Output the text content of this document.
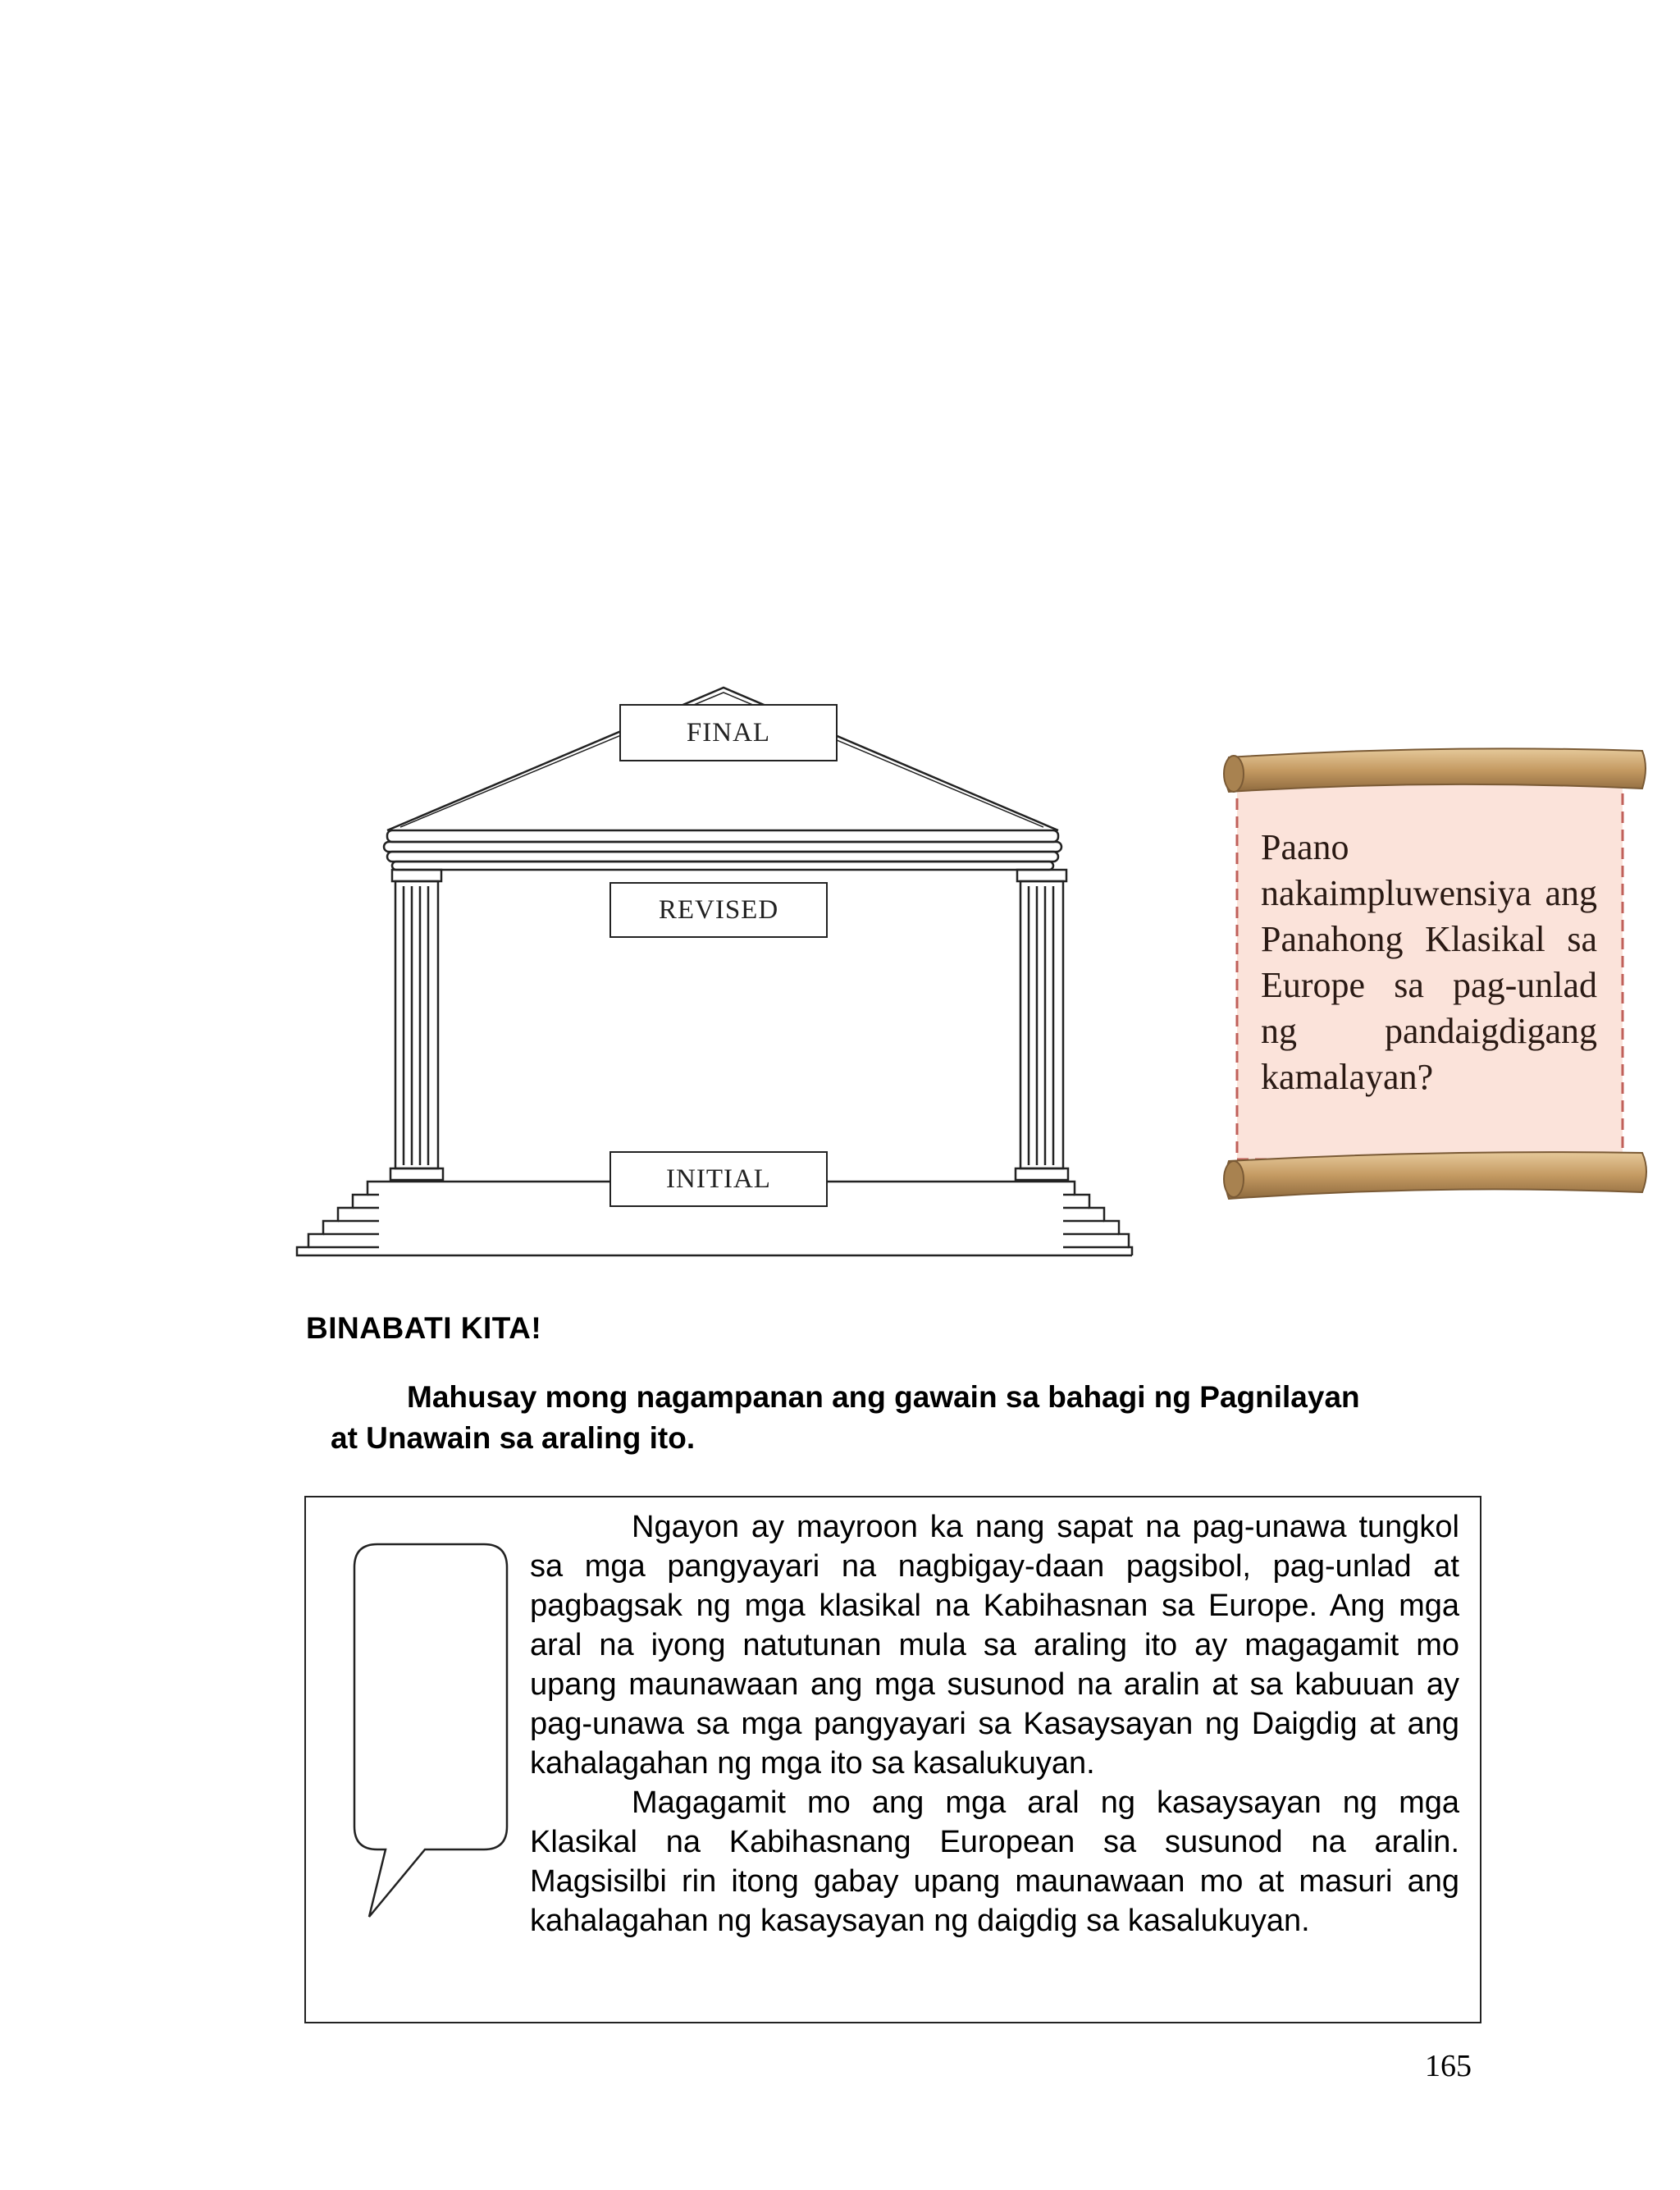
FINAL
REVISED
INITIAL
Paano nakaimpluwensiya ang Panahong Klasikal sa Europe sa pag-unlad ng pandaigdigang kamalayan?
BINABATI KITA!
Mahusay mong nagampanan ang gawain sa bahagi ng Pagnilayan at Unawain sa araling ito.

Ngayon ay mayroon ka nang sapat na pag-unawa tungkol sa mga pangyayari na nagbigay-daan pagsibol, pag-unlad at pagbagsak ng mga klasikal na Kabihasnan sa Europe. Ang mga aral na iyong natutunan mula sa araling ito ay magagamit mo upang maunawaan ang mga susunod na aralin at sa kabuuan ay pag-unawa sa mga pangyayari sa Kasaysayan ng Daigdig at ang kahalagahan ng mga ito sa kasalukuyan.

Magagamit mo ang mga aral ng kasaysayan ng mga Klasikal na Kabihasnang European sa susunod na aralin. Magsisilbi rin itong gabay upang maunawaan mo at masuri ang kahalagahan ng kasaysayan ng daigdig sa kasalukuyan.

165
